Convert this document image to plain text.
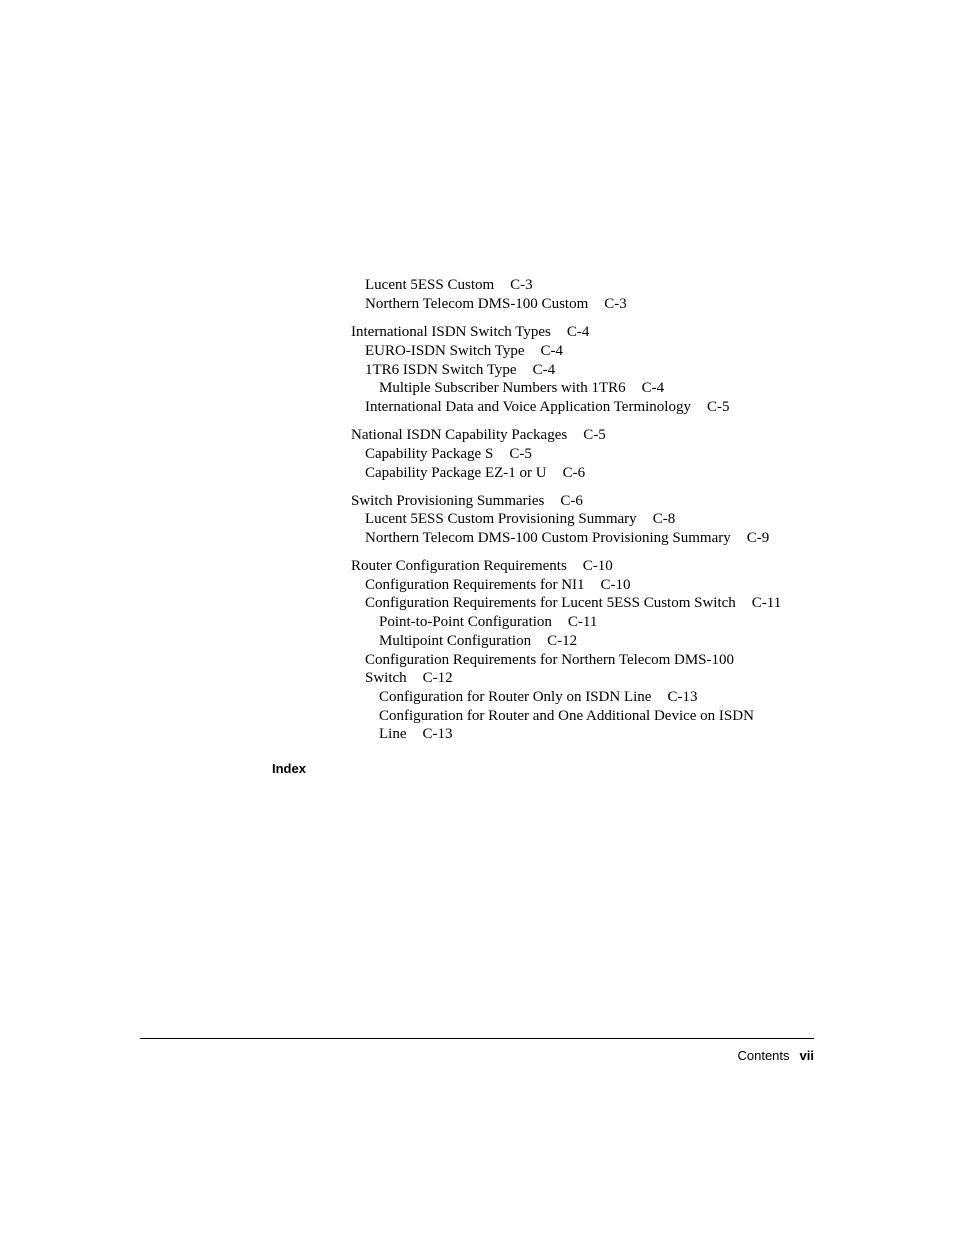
Lucent 5ESS Custom C-3
Northern Telecom DMS-100 Custom C-3
International ISDN Switch Types C-4
EURO-ISDN Switch Type C-4
1TR6 ISDN Switch Type C-4
Multiple Subscriber Numbers with 1TR6 C-4
International Data and Voice Application Terminology C-5
National ISDN Capability Packages C-5
Capability Package S C-5
Capability Package EZ-1 or U C-6
Switch Provisioning Summaries C-6
Lucent 5ESS Custom Provisioning Summary C-8
Northern Telecom DMS-100 Custom Provisioning Summary C-9
Router Configuration Requirements C-10
Configuration Requirements for NI1 C-10
Configuration Requirements for Lucent 5ESS Custom Switch C-11
Point-to-Point Configuration C-11
Multipoint Configuration C-12
Configuration Requirements for Northern Telecom DMS-100
Switch C-12
Configuration for Router Only on ISDN Line C-13
Configuration for Router and One Additional Device on ISDN
Line C-13
Index
Contents vii
